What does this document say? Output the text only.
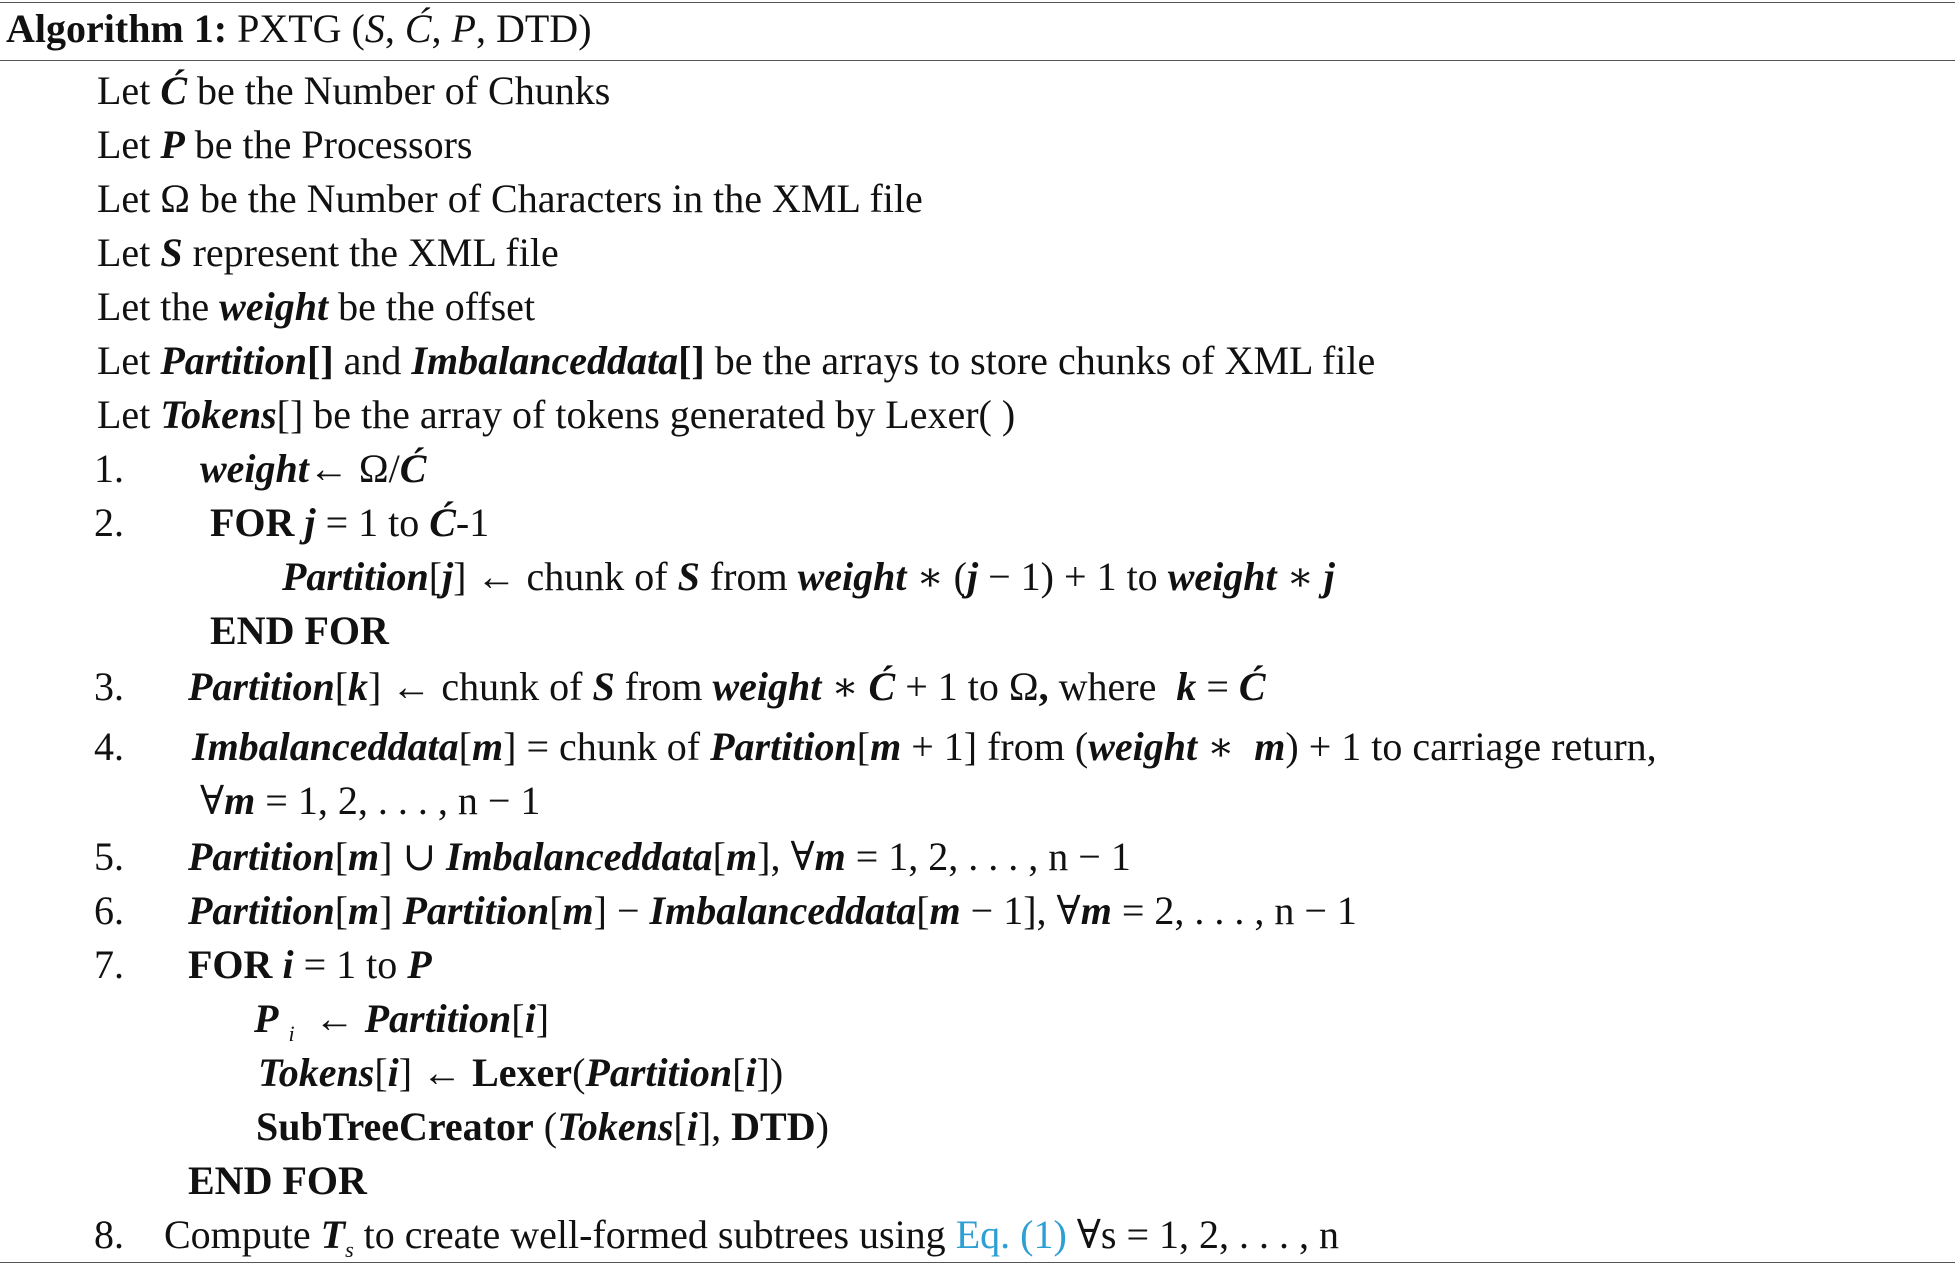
Algorithm 1: PXTG (S, Ć, P, DTD)
Let Ć be the Number of Chunks
Let P be the Processors
Let Ω be the Number of Characters in the XML file
Let S represent the XML file
Let the weight be the offset
Let Partition[] and Imbalanceddata[] be the arrays to store chunks of XML file
Let Tokens[] be the array of tokens generated by Lexer( )
1. weight← Ω/Ć
2. FOR j = 1 to Ć-1
Partition[j] ← chunk of S from weight ∗ (j − 1) + 1 to weight ∗ j
END FOR
3. Partition[k] ← chunk of S from weight ∗ Ć + 1 to Ω, where  k = Ć
4. Imbalanceddata[m] = chunk of Partition[m + 1] from (weight ∗  m) + 1 to carriage return,
∀m = 1, 2, . . . , n − 1
5. Partition[m] ∪ Imbalanceddata[m], ∀m = 1, 2, . . . , n − 1
6. Partition[m] Partition[m] − Imbalanceddata[m − 1], ∀m = 2, . . . , n − 1
7. FOR i = 1 to P
P $_i$  ← Partition[i]
Tokens[i] ← Lexer(Partition[i])
SubTreeCreator (Tokens[i], DTD)
END FOR
8. Compute $T_s$ to create well-formed subtrees using Eq. (1) ∀s = 1, 2, . . . , n
